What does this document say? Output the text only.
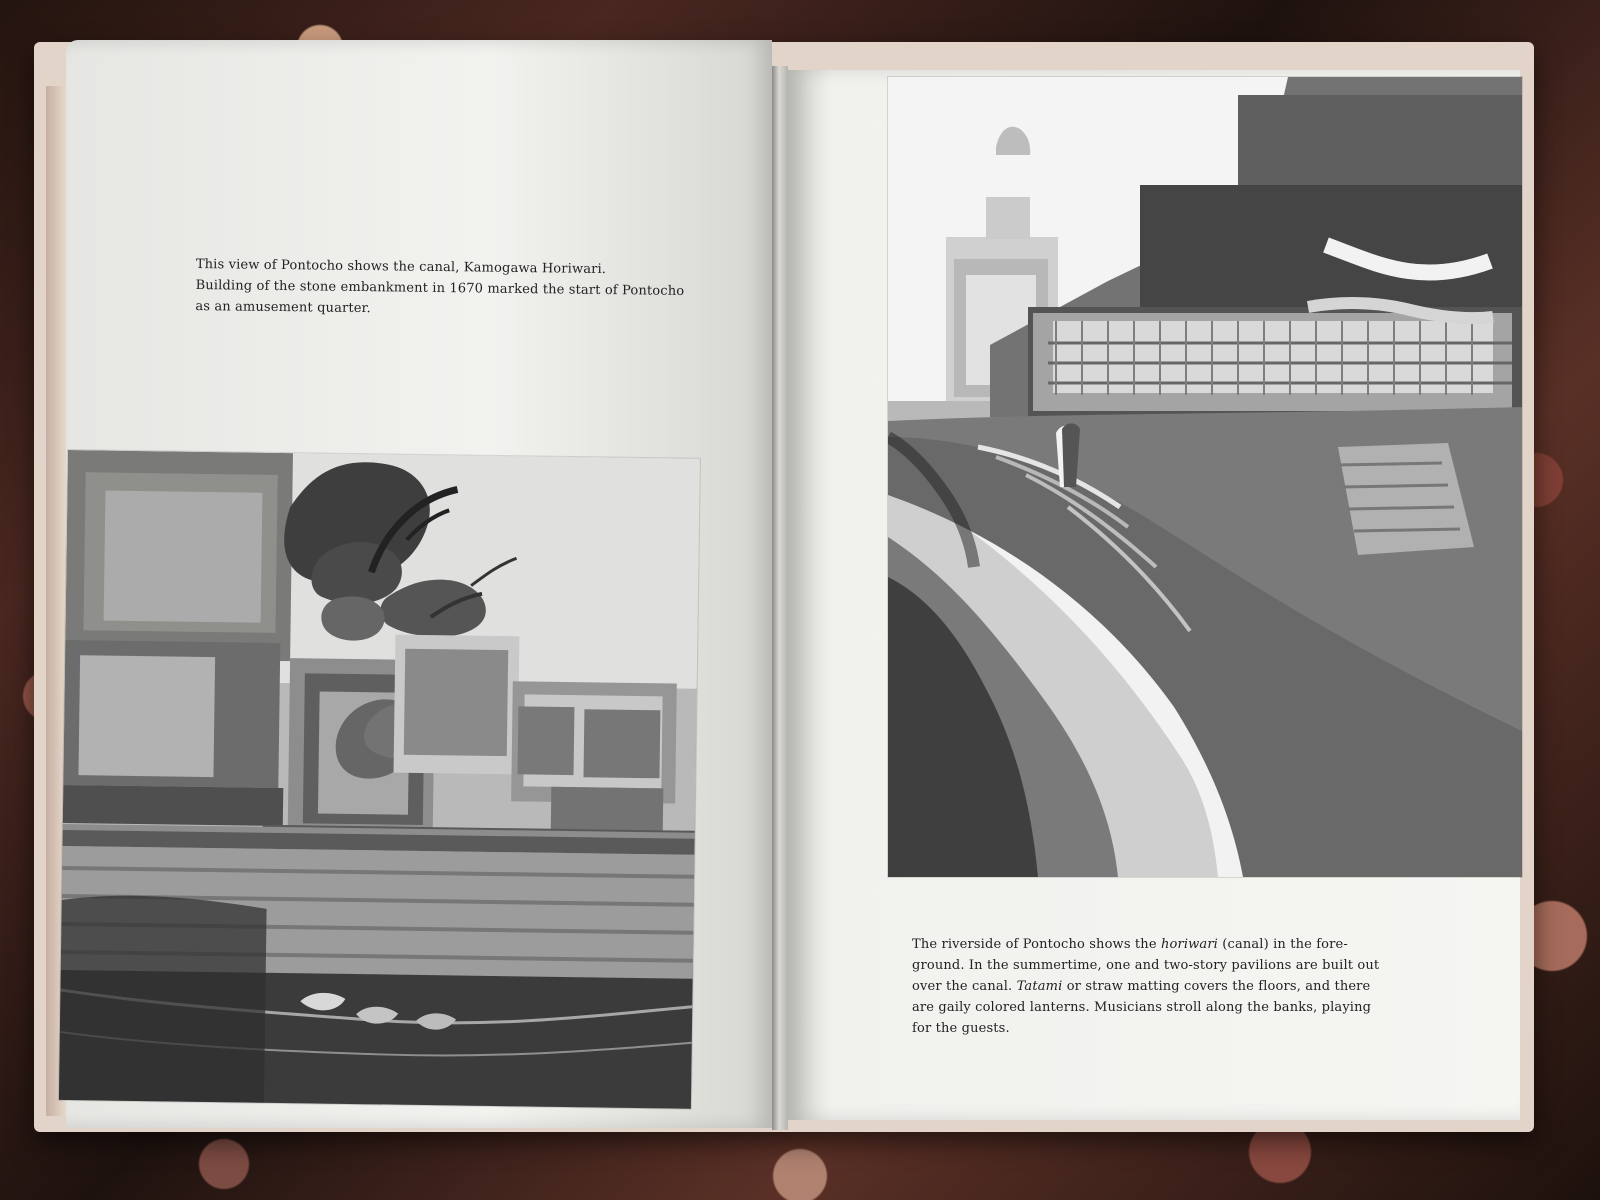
This view of Pontocho shows the canal, Kamogawa Horiwari.
Building of the stone embankment in 1670 marked the start of Pontocho
as an amusement quarter.
The riverside of Pontocho shows the horiwari (canal) in the fore-
ground. In the summertime, one and two-story pavilions are built out
over the canal. Tatami or straw matting covers the floors, and there
are gaily colored lanterns. Musicians stroll along the banks, playing
for the guests.
